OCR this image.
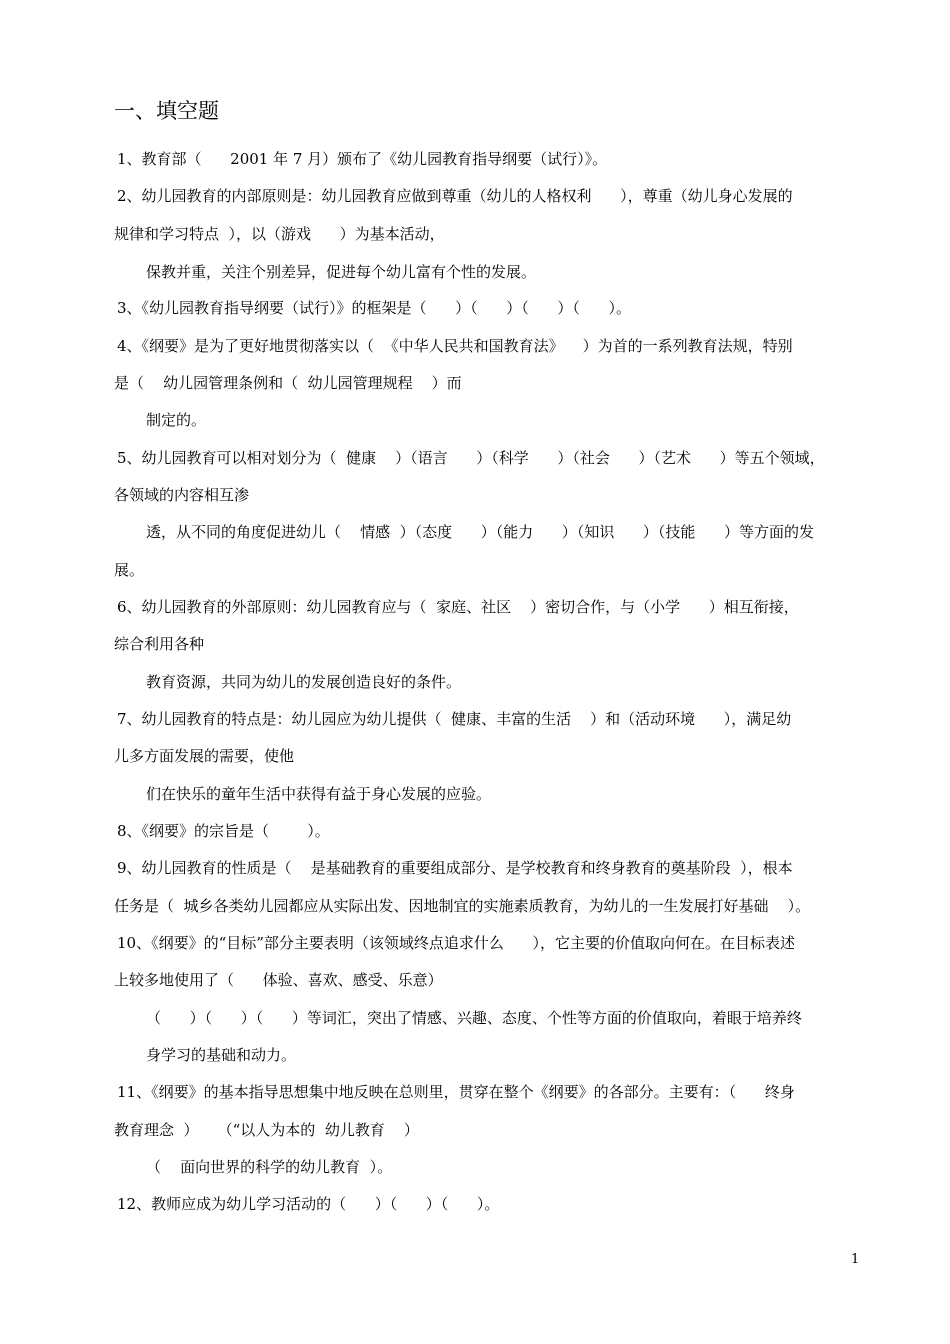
一、填空题
1、教育部（      2001 年 7 月）颁布了《幼儿园教育指导纲要（试行）》。
2、幼儿园教育的内部原则是：幼儿园教育应做到尊重（幼儿的人格权利      ），尊重（幼儿身心发展的
规律和学习特点  ），以（游戏      ）为基本活动，
保教并重，关注个别差异，促进每个幼儿富有个性的发展。
3、《幼儿园教育指导纲要（试行）》的框架是（      ）（      ）（      ）（      ）。
4、《纲要》是为了更好地贯彻落实以（  《中华人民共和国教育法》    ）为首的一系列教育法规，特别
是（    幼儿园管理条例和（  幼儿园管理规程    ）而
制定的。
5、幼儿园教育可以相对划分为（  健康    ）（语言      ）（科学      ）（社会      ）（艺术      ）等五个领域，
各领域的内容相互渗
透，从不同的角度促进幼儿（    情感  ）（态度      ）（能力      ）（知识      ）（技能      ）等方面的发
展。
6、幼儿园教育的外部原则：幼儿园教育应与（  家庭、社区    ）密切合作，与（小学      ）相互衔接，
综合利用各种
教育资源，共同为幼儿的发展创造良好的条件。
7、幼儿园教育的特点是：幼儿园应为幼儿提供（  健康、丰富的生活    ）和（活动环境      ），满足幼
儿多方面发展的需要，使他
们在快乐的童年生活中获得有益于身心发展的应验。
8、《纲要》的宗旨是（        ）。
9、幼儿园教育的性质是（    是基础教育的重要组成部分、是学校教育和终身教育的奠基阶段  ），根本
任务是（  城乡各类幼儿园都应从实际出发、因地制宜的实施素质教育，为幼儿的一生发展打好基础    ）。
10、《纲要》的“目标”部分主要表明（该领域终点追求什么      ），它主要的价值取向何在。在目标表述
上较多地使用了（      体验、喜欢、感受、乐意）
（      ）（      ）（      ）等词汇，突出了情感、兴趣、态度、个性等方面的价值取向，着眼于培养终
身学习的基础和动力。
11、《纲要》的基本指导思想集中地反映在总则里，贯穿在整个《纲要》的各部分。主要有：（      终身
教育理念  ）    （“以人为本的  幼儿教育    ）
（    面向世界的科学的幼儿教育  ）。
12、教师应成为幼儿学习活动的（      ）（      ）（      ）。
1
